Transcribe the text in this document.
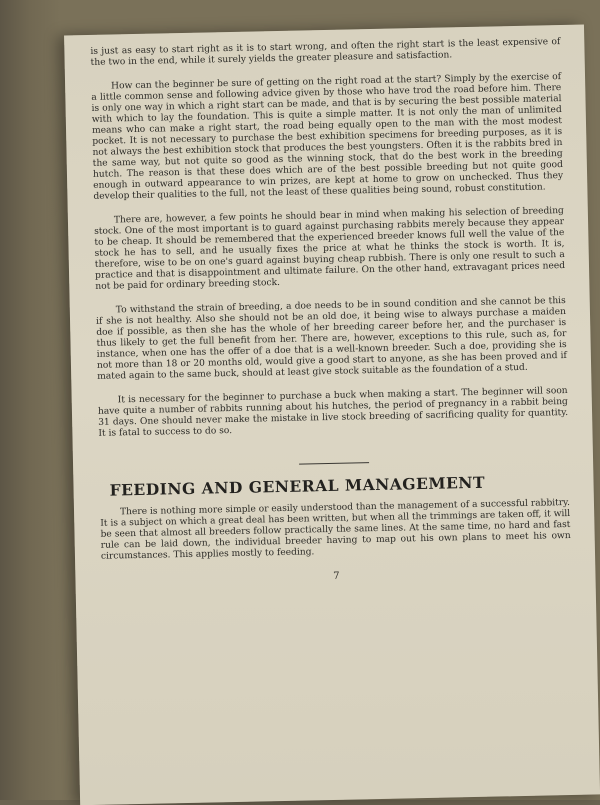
is just as easy to start right as it is to start wrong, and often the right start is the least expensive of the two in the end, while it surely yields the greater pleasure and satisfaction.

How can the beginner be sure of getting on the right road at the start? Simply by the exercise of a little common sense and following advice given by those who have trod the road before him. There is only one way in which a right start can be made, and that is by securing the best possible material with which to lay the foundation. This is quite a simple matter. It is not only the man of unlimited means who can make a right start, the road being equally open to the man with the most modest pocket. It is not necessary to purchase the best exhibition specimens for breeding purposes, as it is not always the best exhibition stock that produces the best youngsters. Often it is the rabbits bred in the same way, but not quite so good as the winning stock, that do the best work in the breeding hutch. The reason is that these does which are of the best possible breeding but not quite good enough in outward appearance to win prizes, are kept at home to grow on unchecked. Thus they develop their qualities to the full, not the least of these qualities being sound, robust constitution.

There are, however, a few points he should bear in mind when making his selection of breeding stock. One of the most important is to guard against purchasing rabbits merely because they appear to be cheap. It should be remembered that the experienced breeder knows full well the value of the stock he has to sell, and he usually fixes the price at what he thinks the stock is worth. It is, therefore, wise to be on one's guard against buying cheap rubbish. There is only one result to such a practice and that is disappointment and ultimate failure. On the other hand, extravagant prices need not be paid for ordinary breeding stock.

To withstand the strain of breeding, a doe needs to be in sound condition and she cannot be this if she is not healthy. Also she should not be an old doe, it being wise to always purchase a maiden doe if possible, as then she has the whole of her breeding career before her, and the purchaser is thus likely to get the full benefit from her. There are, however, exceptions to this rule, such as, for instance, when one has the offer of a doe that is a well-known breeder. Such a doe, providing she is not more than 18 or 20 months old, would give a good start to anyone, as she has been proved and if mated again to the same buck, should at least give stock suitable as the foundation of a stud.

It is necessary for the beginner to purchase a buck when making a start. The beginner will soon have quite a number of rabbits running about his hutches, the period of pregnancy in a rabbit being 31 days. One should never make the mistake in live stock breeding of sacrificing quality for quantity. It is fatal to success to do so.

FEEDING AND GENERAL MANAGEMENT

There is nothing more simple or easily understood than the management of a successful rabbitry. It is a subject on which a great deal has been written, but when all the trimmings are taken off, it will be seen that almost all breeders follow practically the same lines. At the same time, no hard and fast rule can be laid down, the individual breeder having to map out his own plans to meet his own circumstances. This applies mostly to feeding.

7
